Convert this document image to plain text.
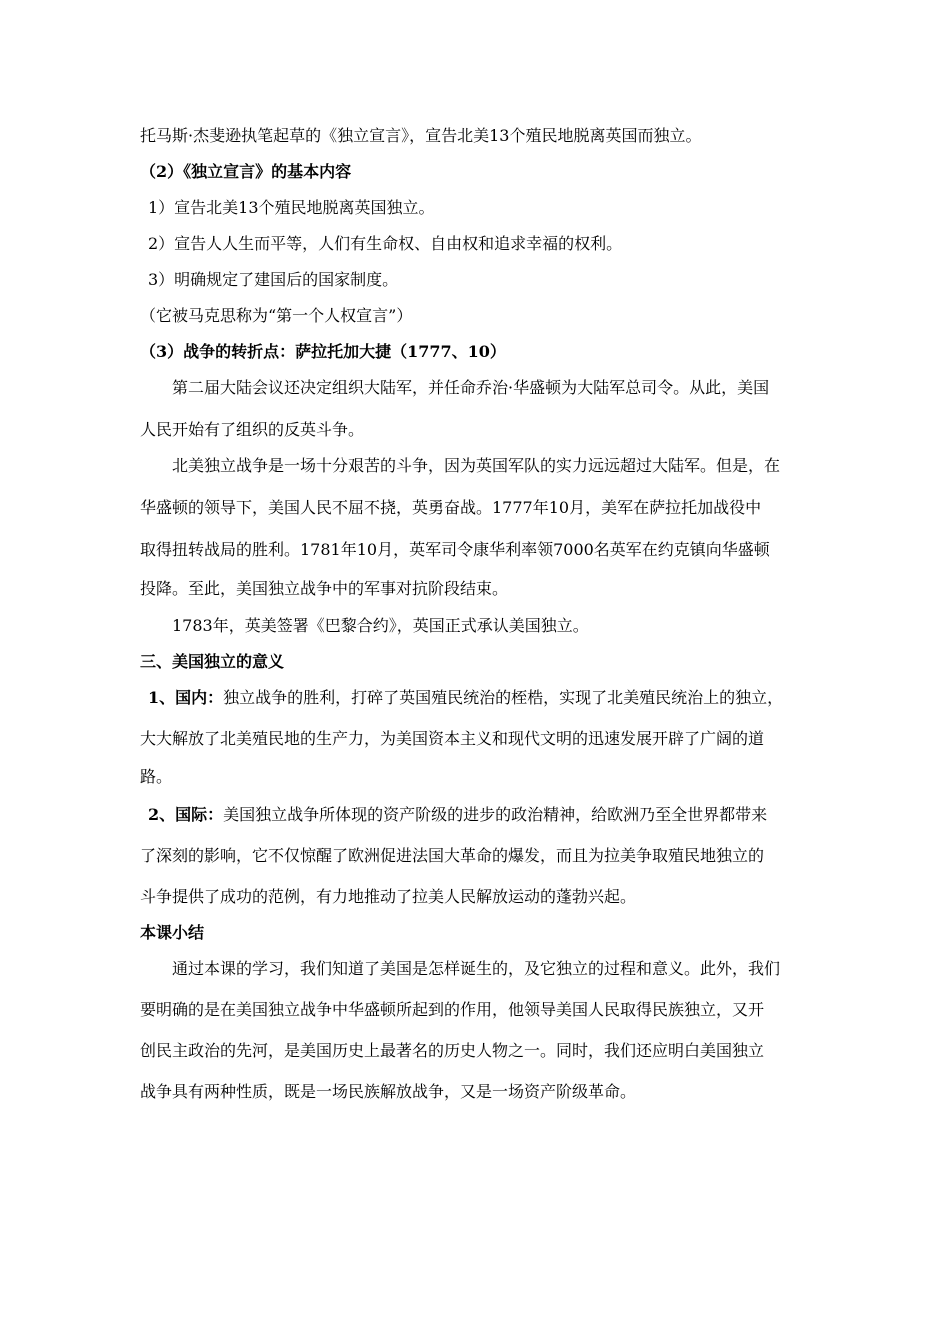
托马斯·杰斐逊执笔起草的《独立宣言》，宣告北美13个殖民地脱离英国而独立。
（2）《独立宣言》的基本内容
1）宣告北美13个殖民地脱离英国独立。
2）宣告人人生而平等，人们有生命权、自由权和追求幸福的权利。
3）明确规定了建国后的国家制度。
（它被马克思称为“第一个人权宣言”）
（3）战争的转折点：萨拉托加大捷（1777、10）
第二届大陆会议还决定组织大陆军，并任命乔治·华盛顿为大陆军总司令。从此，美国
人民开始有了组织的反英斗争。
北美独立战争是一场十分艰苦的斗争，因为英国军队的实力远远超过大陆军。但是，在
华盛顿的领导下，美国人民不屈不挠，英勇奋战。1777年10月，美军在萨拉托加战役中
取得扭转战局的胜利。1781年10月，英军司令康华利率领7000名英军在约克镇向华盛顿
投降。至此，美国独立战争中的军事对抗阶段结束。
1783年，英美签署《巴黎合约》，英国正式承认美国独立。
三、美国独立的意义
1、国内：独立战争的胜利，打碎了英国殖民统治的桎梏，实现了北美殖民统治上的独立，
大大解放了北美殖民地的生产力，为美国资本主义和现代文明的迅速发展开辟了广阔的道
路。
2、国际：美国独立战争所体现的资产阶级的进步的政治精神，给欧洲乃至全世界都带来
了深刻的影响，它不仅惊醒了欧洲促进法国大革命的爆发，而且为拉美争取殖民地独立的
斗争提供了成功的范例，有力地推动了拉美人民解放运动的蓬勃兴起。
本课小结
通过本课的学习，我们知道了美国是怎样诞生的，及它独立的过程和意义。此外，我们
要明确的是在美国独立战争中华盛顿所起到的作用，他领导美国人民取得民族独立，又开
创民主政治的先河，是美国历史上最著名的历史人物之一。同时，我们还应明白美国独立
战争具有两种性质，既是一场民族解放战争，又是一场资产阶级革命。
